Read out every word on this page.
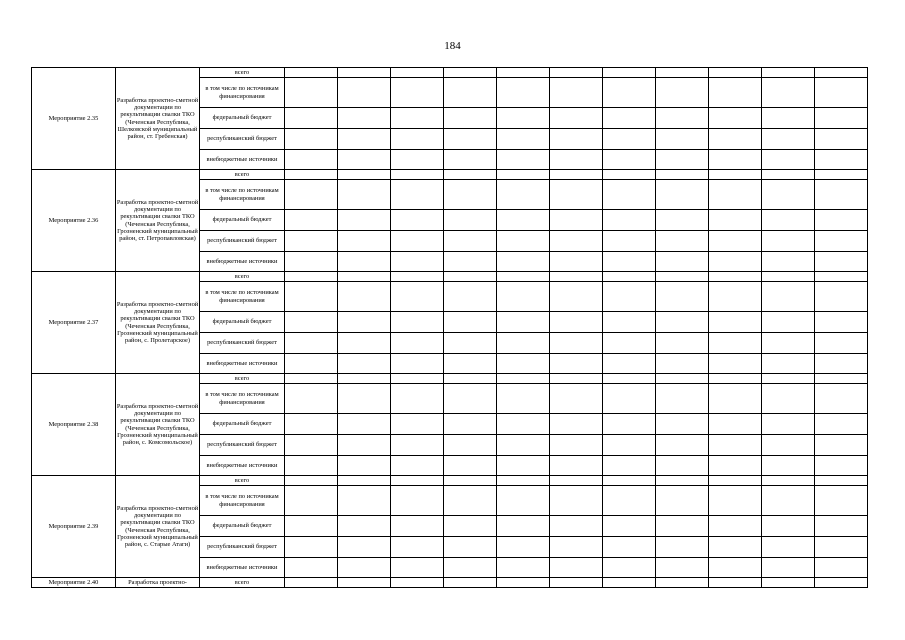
184
Мероприятие 2.35	Разработка проектно-сметной документации по рекультивации свалки ТКО (Чеченская Республика, Шелковской муниципальный район, ст. Гребенская)	всего											
		в том числе по источникам финансирования											
		федеральный бюджет											
		республиканский бюджет											
		внебюджетные источники											
Мероприятие 2.36	Разработка проектно-сметной документации по рекультивации свалки ТКО (Чеченская Республика, Грозненский муниципальный район, ст. Петропавловская)	всего											
		в том числе по источникам финансирования											
		федеральный бюджет											
		республиканский бюджет											
		внебюджетные источники											
Мероприятие 2.37	Разработка проектно-сметной документации по рекультивации свалки ТКО (Чеченская Республика, Грозненский муниципальный район, с. Пролетарское)	всего											
		в том числе по источникам финансирования											
		федеральный бюджет											
		республиканский бюджет											
		внебюджетные источники											
Мероприятие 2.38	Разработка проектно-сметной документации по рекультивации свалки ТКО (Чеченская Республика, Грозненский муниципальный район, с. Комсомольское)	всего											
		в том числе по источникам финансирования											
		федеральный бюджет											
		республиканский бюджет											
		внебюджетные источники											
Мероприятие 2.39	Разработка проектно-сметной документации по рекультивации свалки ТКО (Чеченская Республика, Грозненский муниципальный район, с. Старые Атаги)	всего											
		в том числе по источникам финансирования											
		федеральный бюджет											
		республиканский бюджет											
		внебюджетные источники											
Мероприятие 2.40	Разработка проектно-	всего											
